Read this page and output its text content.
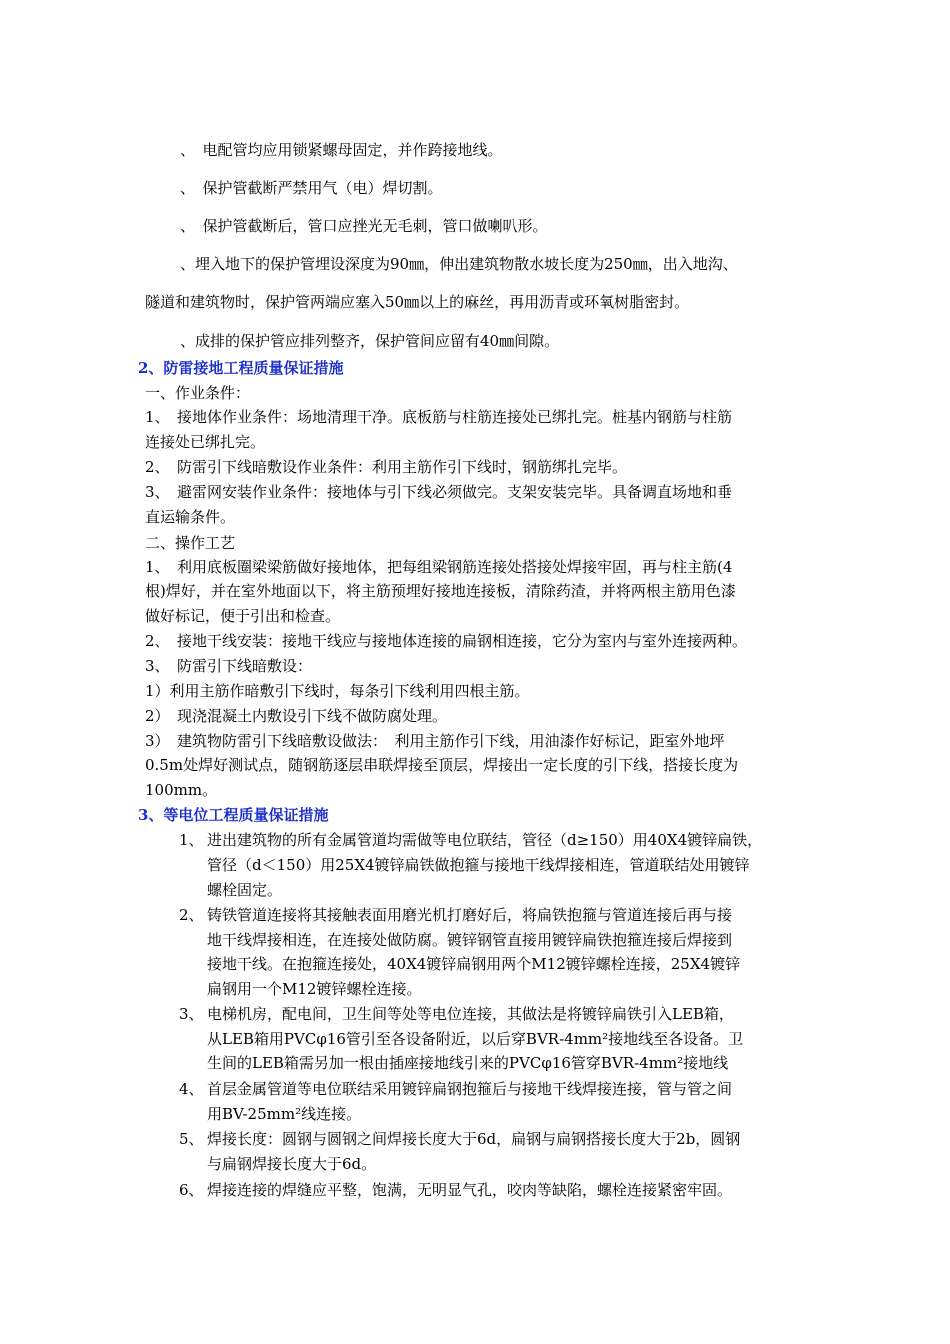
、　电配管均应用锁紧螺母固定，并作跨接地线。
、　保护管截断严禁用气（电）焊切割。
、　保护管截断后，管口应挫光无毛刺，管口做喇叭形。
、埋入地下的保护管埋设深度为90㎜，伸出建筑物散水坡长度为250㎜，出入地沟、
隧道和建筑物时，保护管两端应塞入50㎜以上的麻丝，再用沥青或环氧树脂密封。
、成排的保护管应排列整齐，保护管间应留有40㎜间隙。
2、防雷接地工程质量保证措施
一、作业条件：
1、　接地体作业条件：场地清理干净。底板筋与柱筋连接处已绑扎完。桩基内钢筋与柱筋
连接处已绑扎完。
2、　防雷引下线暗敷设作业条件：利用主筋作引下线时，钢筋绑扎完毕。
3、　避雷网安装作业条件：接地体与引下线必须做完。支架安装完毕。具备调直场地和垂
直运输条件。
二、操作工艺
1、　利用底板圈梁梁筋做好接地体，把每组梁钢筋连接处搭接处焊接牢固，再与柱主筋(4
根)焊好，并在室外地面以下，将主筋预埋好接地连接板，清除药渣，并将两根主筋用色漆
做好标记，便于引出和检查。
2、　接地干线安装：接地干线应与接地体连接的扁钢相连接，它分为室内与室外连接两种。
3、　防雷引下线暗敷设：
1）利用主筋作暗敷引下线时，每条引下线利用四根主筋。
2）　现浇混凝土内敷设引下线不做防腐处理。
3）　建筑物防雷引下线暗敷设做法：　利用主筋作引下线，用油漆作好标记，距室外地坪
0.5m处焊好测试点，随钢筋逐层串联焊接至顶层，焊接出一定长度的引下线，搭接长度为
100mm。
3、等电位工程质量保证措施
1、 进出建筑物的所有金属管道均需做等电位联结，管径（d≥150）用40X4镀锌扁铁，
管径（d＜150）用25X4镀锌扁铁做抱箍与接地干线焊接相连，管道联结处用镀锌
螺栓固定。
2、 铸铁管道连接将其接触表面用磨光机打磨好后，将扁铁抱箍与管道连接后再与接
地干线焊接相连，在连接处做防腐。镀锌钢管直接用镀锌扁铁抱箍连接后焊接到
接地干线。在抱箍连接处，40X4镀锌扁钢用两个M12镀锌螺栓连接，25X4镀锌
扁钢用一个M12镀锌螺栓连接。
3、 电梯机房，配电间，卫生间等处等电位连接，其做法是将镀锌扁铁引入LEB箱，
从LEB箱用PVCφ16管引至各设备附近，以后穿BVR-4mm²接地线至各设备。卫
生间的LEB箱需另加一根由插座接地线引来的PVCφ16管穿BVR-4mm²接地线
4、 首层金属管道等电位联结采用镀锌扁钢抱箍后与接地干线焊接连接，管与管之间
用BV-25mm²线连接。
5、 焊接长度：圆钢与圆钢之间焊接长度大于6d，扁钢与扁钢搭接长度大于2b，圆钢
与扁钢焊接长度大于6d。
6、 焊接连接的焊缝应平整，饱满，无明显气孔，咬肉等缺陷，螺栓连接紧密牢固。
